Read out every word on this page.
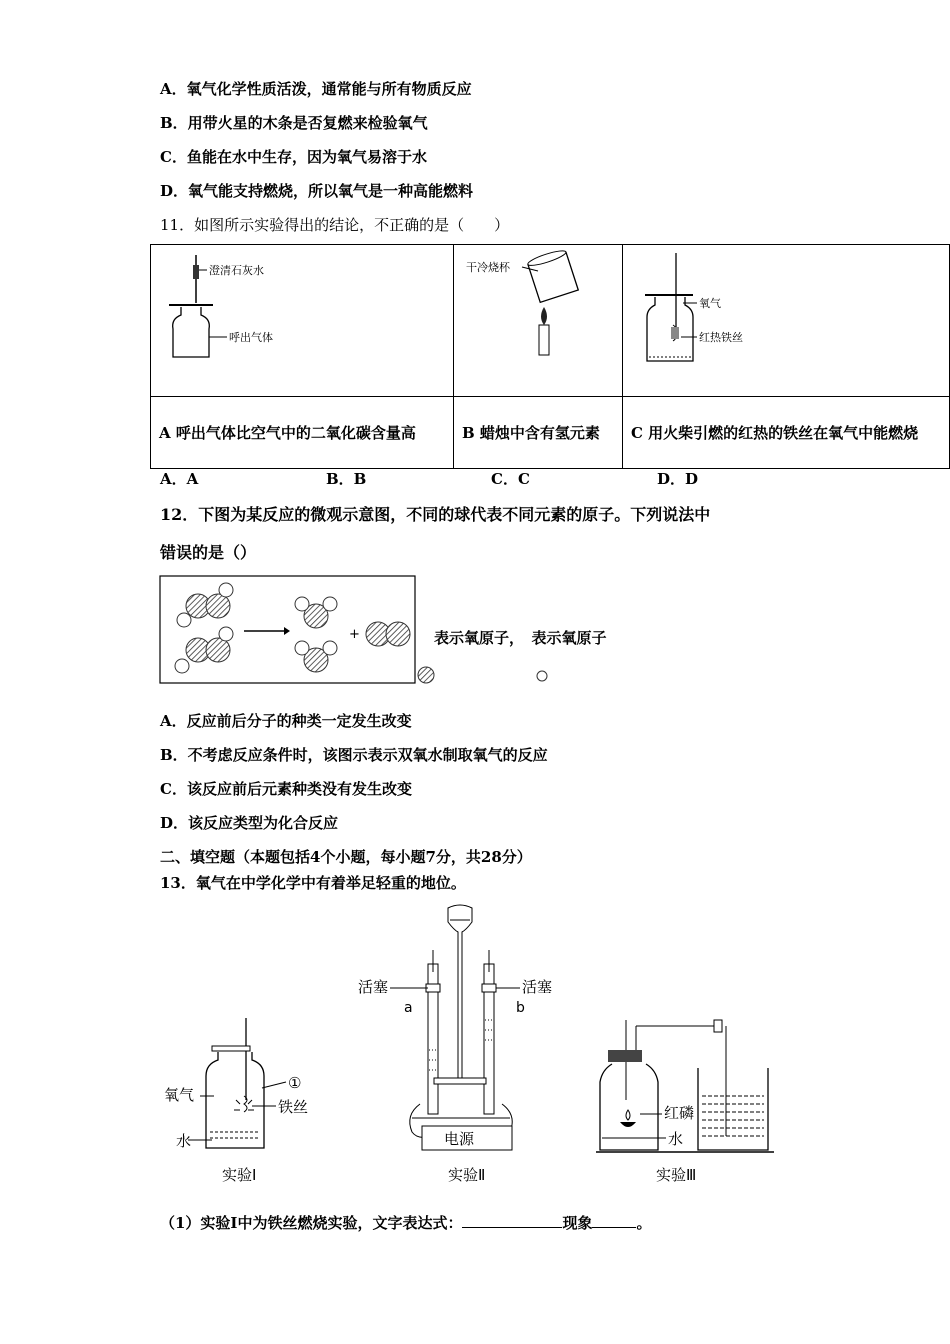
A．氧气化学性质活泼，通常能与所有物质反应
B．用带火星的木条是否复燃来检验氧气
C．鱼能在水中生存，因为氧气易溶于水
D．氧气能支持燃烧，所以氧气是一种高能燃料
11．如图所示实验得出的结论，不正确的是（　　）
澄清石灰水
呼出气体	干冷烧杯	氧气
红热铁丝

A 呼出气体比空气中的二氧化碳含量高	B 蜡烛中含有氢元素	C 用火柴引燃的红热的铁丝在氧气中能燃烧
A．A	B．B	C．C	D．D
12．下图为某反应的微观示意图，不同的球代表不同元素的原子。下列说法中
错误的是（）
+	表示氧原子，　表示氧原子
A．反应前后分子的种类一定发生改变
B．不考虑反应条件时，该图示表示双氧水制取氧气的反应
C．该反应前后元素种类没有发生改变
D．该反应类型为化合反应
二、填空题（本题包括4个小题，每小题7分，共28分）
13．氧气在中学化学中有着举足轻重的地位。
氧气
①
铁丝
水
实验Ⅰ
活塞	活塞
a	b
电源
实验Ⅱ
红磷
水
实验Ⅲ
（1）实验Ⅰ中为铁丝燃烧实验，文字表达式：	现象	。
